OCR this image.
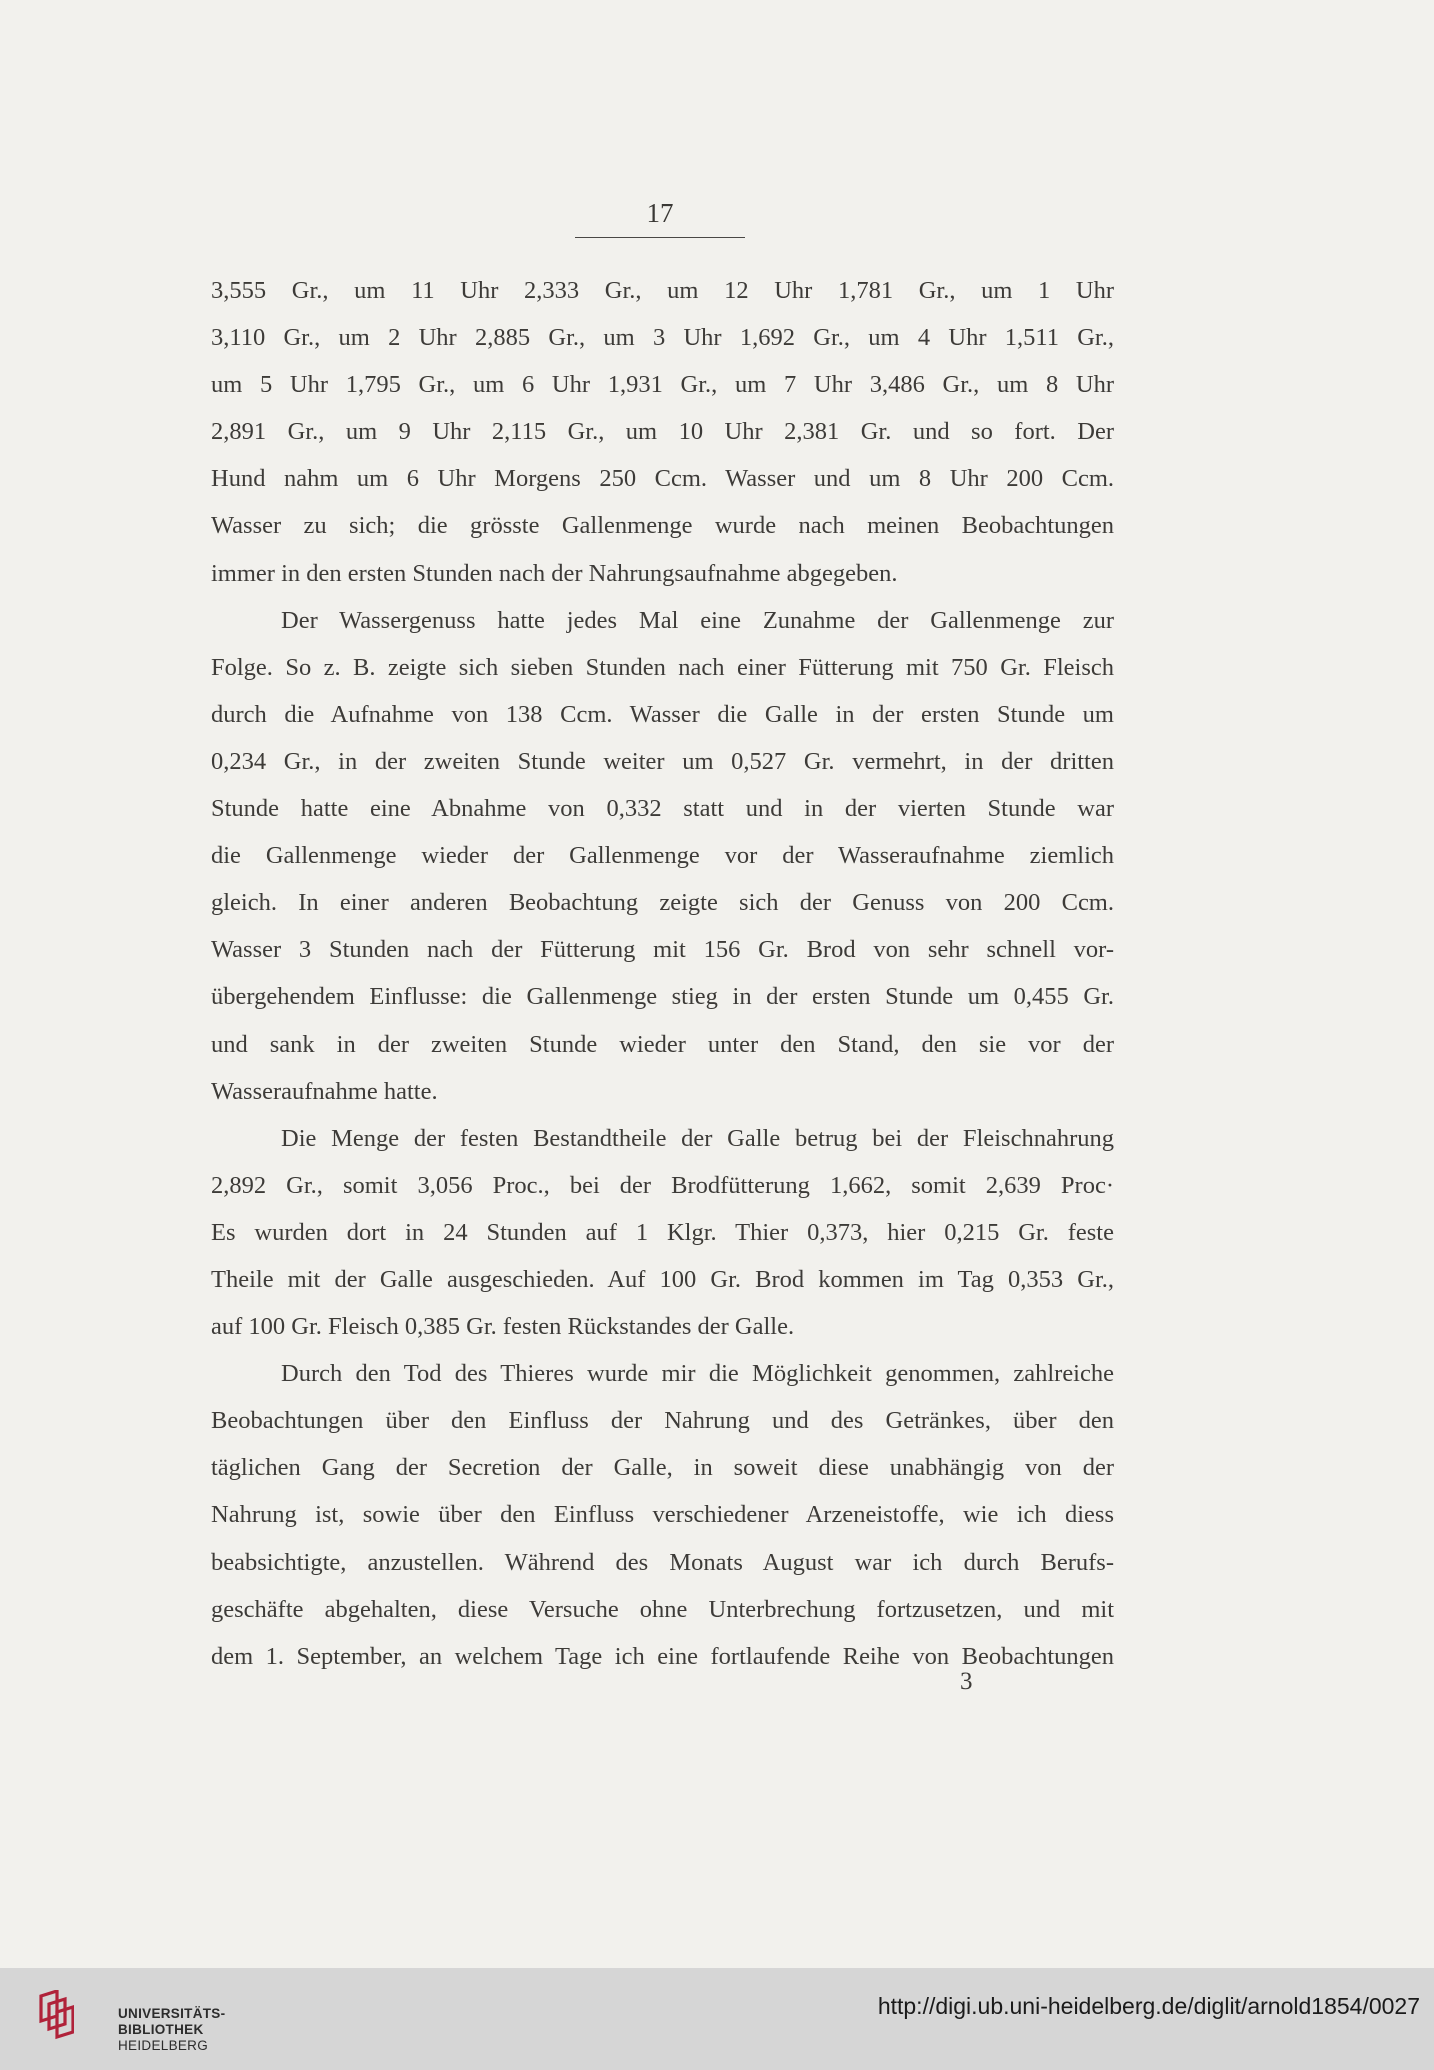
17

3,555 Gr., um 11 Uhr 2,333 Gr., um 12 Uhr 1,781 Gr., um 1 Uhr

3,110 Gr., um 2 Uhr 2,885 Gr., um 3 Uhr 1,692 Gr., um 4 Uhr 1,511 Gr.,

um 5 Uhr 1,795 Gr., um 6 Uhr 1,931 Gr., um 7 Uhr 3,486 Gr., um 8 Uhr

2,891 Gr., um 9 Uhr 2,115 Gr., um 10 Uhr 2,381 Gr. und so fort. Der

Hund nahm um 6 Uhr Morgens 250 Ccm. Wasser und um 8 Uhr 200 Ccm.

Wasser zu sich; die grösste Gallenmenge wurde nach meinen Beobachtungen

immer in den ersten Stunden nach der Nahrungsaufnahme abgegeben.

Der Wassergenuss hatte jedes Mal eine Zunahme der Gallenmenge zur

Folge. So z. B. zeigte sich sieben Stunden nach einer Fütterung mit 750 Gr. Fleisch

durch die Aufnahme von 138 Ccm. Wasser die Galle in der ersten Stunde um

0,234 Gr., in der zweiten Stunde weiter um 0,527 Gr. vermehrt, in der dritten

Stunde hatte eine Abnahme von 0,332 statt und in der vierten Stunde war

die Gallenmenge wieder der Gallenmenge vor der Wasseraufnahme ziemlich

gleich. In einer anderen Beobachtung zeigte sich der Genuss von 200 Ccm.

Wasser 3 Stunden nach der Fütterung mit 156 Gr. Brod von sehr schnell vor-

übergehendem Einflusse: die Gallenmenge stieg in der ersten Stunde um 0,455 Gr.

und sank in der zweiten Stunde wieder unter den Stand, den sie vor der

Wasseraufnahme hatte.

Die Menge der festen Bestandtheile der Galle betrug bei der Fleischnahrung

2,892 Gr., somit 3,056 Proc., bei der Brodfütterung 1,662, somit 2,639 Proc·

Es wurden dort in 24 Stunden auf 1 Klgr. Thier 0,373, hier 0,215 Gr. feste

Theile mit der Galle ausgeschieden. Auf 100 Gr. Brod kommen im Tag 0,353 Gr.,

auf 100 Gr. Fleisch 0,385 Gr. festen Rückstandes der Galle.

Durch den Tod des Thieres wurde mir die Möglichkeit genommen, zahlreiche

Beobachtungen über den Einfluss der Nahrung und des Getränkes, über den

täglichen Gang der Secretion der Galle, in soweit diese unabhängig von der

Nahrung ist, sowie über den Einfluss verschiedener Arzeneistoffe, wie ich diess

beabsichtigte, anzustellen. Während des Monats August war ich durch Berufs-

geschäfte abgehalten, diese Versuche ohne Unterbrechung fortzusetzen, und mit

dem 1. September, an welchem Tage ich eine fortlaufende Reihe von Beobachtungen

3
UNIVERSITÄTS-
BIBLIOTHEK
HEIDELBERG
http://digi.ub.uni-heidelberg.de/diglit/arnold1854/0027
